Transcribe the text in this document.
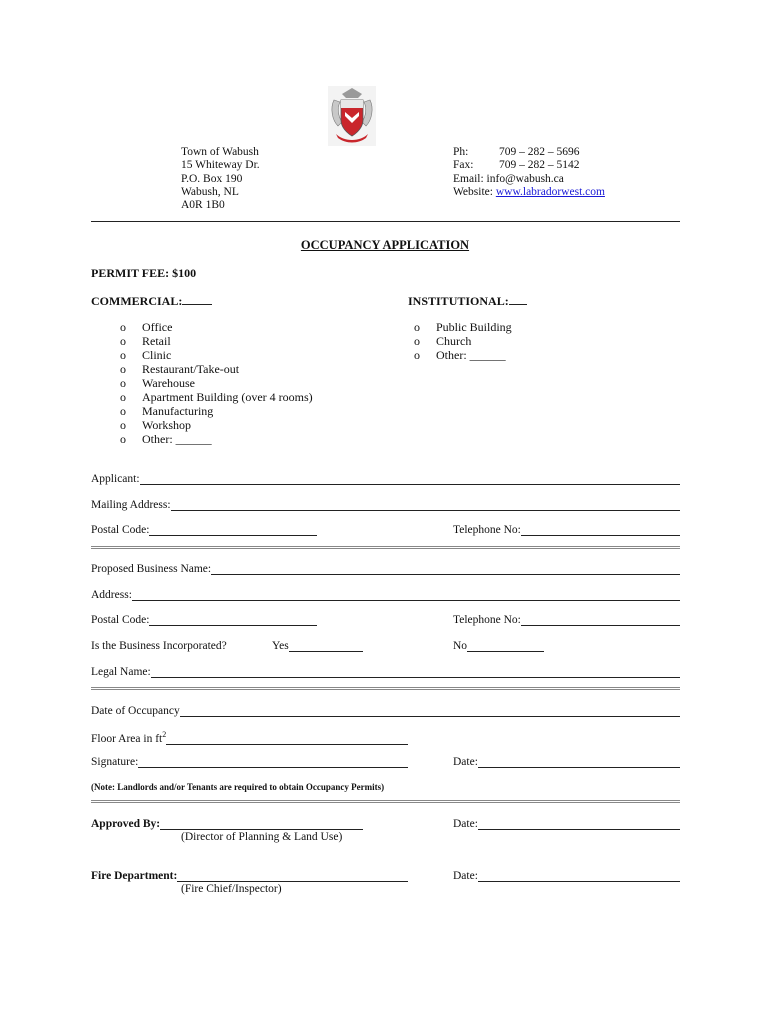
Town of Wabush
15 Whiteway Dr.
P.O. Box 190
Wabush, NL
A0R 1B0
Ph:	709 – 282 – 5696
Fax: 709 – 282 – 5142
Email: info@wabush.ca
Website: www.labradorwest.com
OCCUPANCY APPLICATION
PERMIT FEE: $100
COMMERCIAL:
o Office
o Retail
o Clinic
o Restaurant/Take-out
o Warehouse
o Apartment Building (over 4 rooms)
o Manufacturing
o Workshop
o Other: ______
INSTITUTIONAL:
o Public Building
o Church
o Other: ______
Applicant:
Mailing Address:
Postal Code:	Telephone No:
Proposed Business Name:
Address:
Postal Code:	Telephone No:
Is the Business Incorporated?	Yes	No
Legal Name:
Date of Occupancy
Floor Area in $ft^2$
Signature:	Date:
(Note: Landlords and/or Tenants are required to obtain Occupancy Permits)
Approved By:
(Director of Planning & Land Use)
Date:
Fire Department:
(Fire Chief/Inspector)
Date:
